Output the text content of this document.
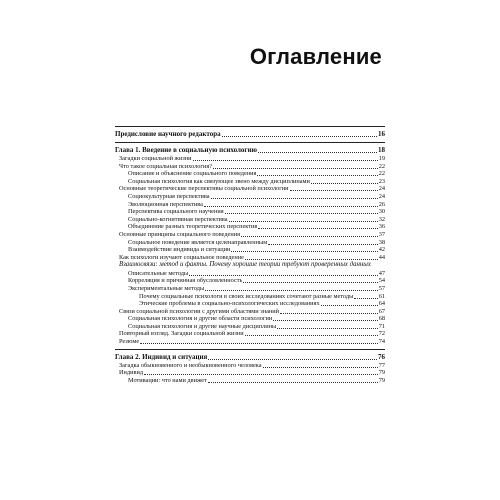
Оглавление
Предисловие научного редактора	16
Глава 1. Введение в социальную психологию	18
Загадки социальной жизни	19
Что такое социальная психология?	22
Описание и объяснение социального поведения	22
Социальная психология как связующее звено между дисциплинами	23
Основные теоретические перспективы социальной психологии	24
Социокультурная перспектива	24
Эволюционная перспектива	26
Перспектива социального научения	30
Социально-когнитивная перспектива	32
Объединение разных теоретических перспектив	36
Основные принципы социального поведения	37
Социальное поведение является целенаправленным	38
Взаимодействие индивида и ситуации	42
Как психологи изучают социальное поведение	44
Взаимосвязи: метод и факты. Почему хорошие теории требуют проверенных данных
Описательные методы	47
Корреляция и причинная обусловленность	54
Экспериментальные методы	57
Почему социальные психологи в своих исследованиях сочетают разные методы	61
Этические проблемы в социально-психологических исследованиях	64
Связи социальной психологии с другими областями знаний	67
Социальная психология и другие области психологии	68
Социальная психология и другие научные дисциплины	71
Повторный взгляд. Загадки социальной жизни	72
Резюме	74
Глава 2. Индивид и ситуация	76
Загадка обыкновенного и необыкновенного человека	77
Индивид	79
Мотивации: что нами движет	79
